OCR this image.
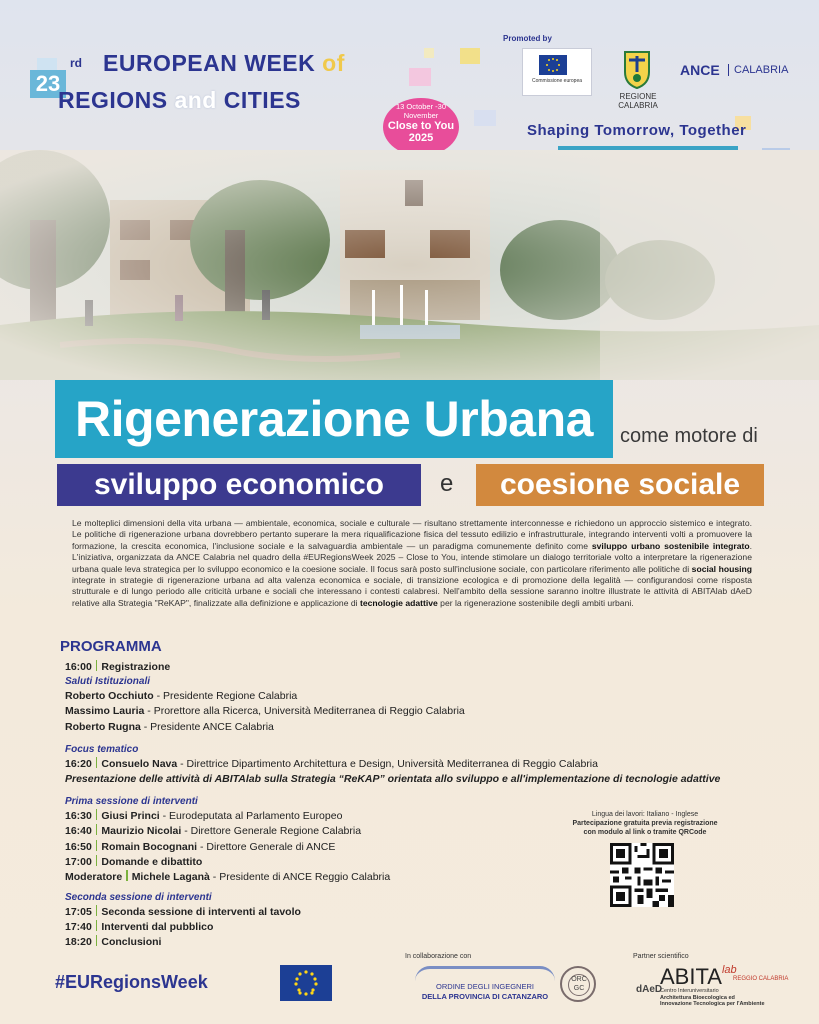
23
rd EUROPEAN WEEK of
REGIONS and CITIES	13 October -30 November
Close to You
2025
Promoted by
Commissione europea
REGIONE
CALABRIA
ANCE	CALABRIA
Shaping Tomorrow, Together
Rigenerazione Urbana	come motore di
sviluppo economico	e	coesione sociale
Le molteplici dimensioni della vita urbana — ambientale, economica, sociale e culturale — risultano strettamente interconnesse e richiedono un approccio sistemico e integrato. Le politiche di rigenerazione urbana dovrebbero pertanto superare la mera riqualificazione fisica del tessuto edilizio e infrastrutturale, integrando interventi volti a promuovere la formazione, la crescita economica, l'inclusione sociale e la salvaguardia ambientale — un paradigma comunemente definito come sviluppo urbano sostenibile integrato. L'iniziativa, organizzata da ANCE Calabria nel quadro della #EURegionsWeek 2025 – Close to You, intende stimolare un dialogo territoriale volto a interpretare la rigenerazione urbana quale leva strategica per lo sviluppo economico e la coesione sociale. Il focus sarà posto sull'inclusione sociale, con particolare riferimento alle politiche di social housing integrate in strategie di rigenerazione urbana ad alta valenza economica e sociale, di transizione ecologica e di promozione della legalità — configurandosi come risposta strutturale e di lungo periodo alle criticità urbane e sociali che interessano i contesti calabresi. Nell'ambito della sessione saranno inoltre illustrate le attività di ABITAlab dAeD relative alla Strategia "ReKAP", finalizzate alla definizione e applicazione di tecnologie adattive per la rigenerazione sostenibile degli ambiti urbani.
PROGRAMMA
16:00 Registrazione
Saluti Istituzionali
Roberto Occhiuto - Presidente Regione Calabria
Massimo Lauria - Prorettore alla Ricerca, Università Mediterranea di Reggio Calabria
Roberto Rugna - Presidente ANCE Calabria
Focus tematico
16:20 Consuelo Nava - Direttrice Dipartimento Architettura e Design, Università Mediterranea di Reggio Calabria
Presentazione delle attività di ABITAlab sulla Strategia “ReKAP” orientata allo sviluppo e all'implementazione di tecnologie adattive
Prima sessione di interventi
16:30 Giusi Princi - Eurodeputata al Parlamento Europeo
16:40 Maurizio Nicolai - Direttore Generale Regione Calabria
16:50 Romain Bocognani - Direttore Generale di ANCE
17:00 Domande e dibattito
Moderatore Michele Laganà - Presidente di ANCE Reggio Calabria
Seconda sessione di interventi
17:05 Seconda sessione di interventi al tavolo
17:40 Interventi dal pubblico
18:20 Conclusioni
Lingua dei lavori: Italiano - Inglese
Partecipazione gratuita previa registrazione
con modulo al link o tramite QRCode
#EURegionsWeek
In collaborazione con
ORDINE DEGLI INGEGNERI
DELLA PROVINCIA DI CATANZARO
ORC GC
Partner scientifico
$ABITA^{lab}$
REGGIO CALABRIA
dAeD
Centro Interuniversitario
Architettura Bioecologica ed
Innovazione Tecnologica per l'Ambiente
